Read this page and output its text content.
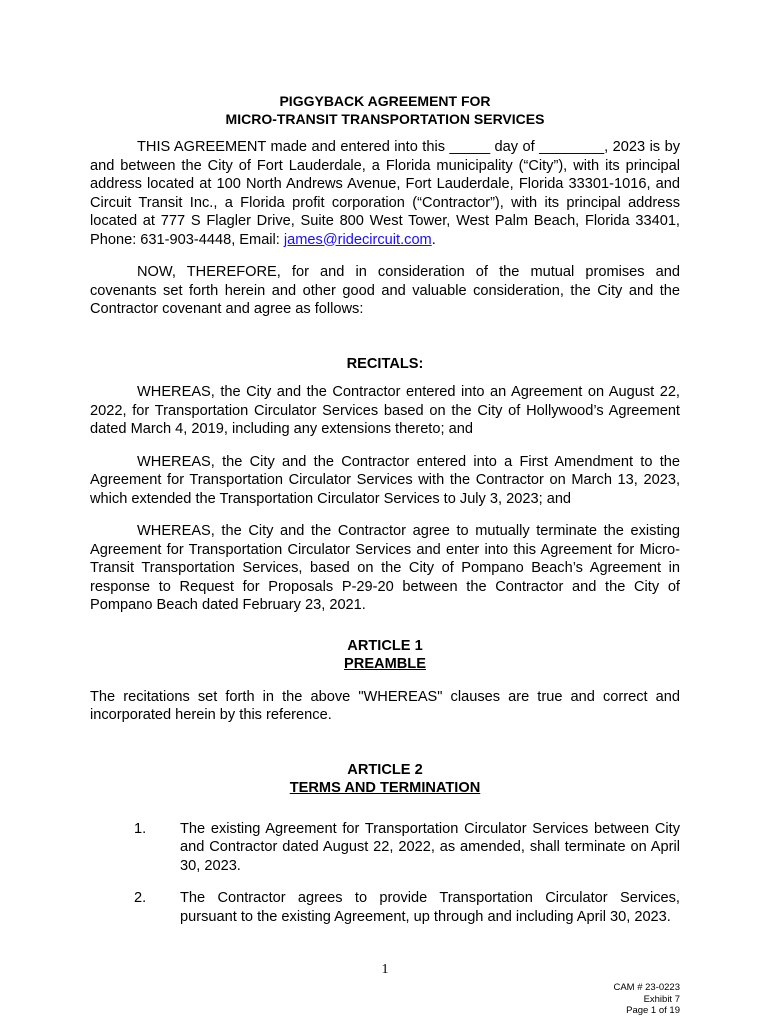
PIGGYBACK AGREEMENT FOR
MICRO-TRANSIT TRANSPORTATION SERVICES

THIS AGREEMENT made and entered into this _____ day of ________, 2023 is by and between the City of Fort Lauderdale, a Florida municipality (“City”), with its principal address located at 100 North Andrews Avenue, Fort Lauderdale, Florida 33301-1016, and Circuit Transit Inc., a Florida profit corporation (“Contractor”), with its principal address located at 777 S Flagler Drive, Suite 800 West Tower, West Palm Beach, Florida 33401, Phone: 631-903-4448, Email: james@ridecircuit.com.

NOW, THEREFORE, for and in consideration of the mutual promises and covenants set forth herein and other good and valuable consideration, the City and the Contractor covenant and agree as follows:

RECITALS:

WHEREAS, the City and the Contractor entered into an Agreement on August 22, 2022, for Transportation Circulator Services based on the City of Hollywood’s Agreement dated March 4, 2019, including any extensions thereto; and

WHEREAS, the City and the Contractor entered into a First Amendment to the Agreement for Transportation Circulator Services with the Contractor on March 13, 2023, which extended the Transportation Circulator Services to July 3, 2023; and

WHEREAS, the City and the Contractor agree to mutually terminate the existing Agreement for Transportation Circulator Services and enter into this Agreement for Micro-Transit Transportation Services, based on the City of Pompano Beach’s Agreement in response to Request for Proposals P-29-20 between the Contractor and the City of Pompano Beach dated February 23, 2021.

ARTICLE 1
PREAMBLE

The recitations set forth in the above "WHEREAS" clauses are true and correct and incorporated herein by this reference.

ARTICLE 2
TERMS AND TERMINATION
1.	The existing Agreement for Transportation Circulator Services between City and Contractor dated August 22, 2022, as amended, shall terminate on April 30, 2023.
2.	The Contractor agrees to provide Transportation Circulator Services, pursuant to the existing Agreement, up through and including April 30, 2023.
1
CAM # 23-0223
Exhibit 7
Page 1 of 19
